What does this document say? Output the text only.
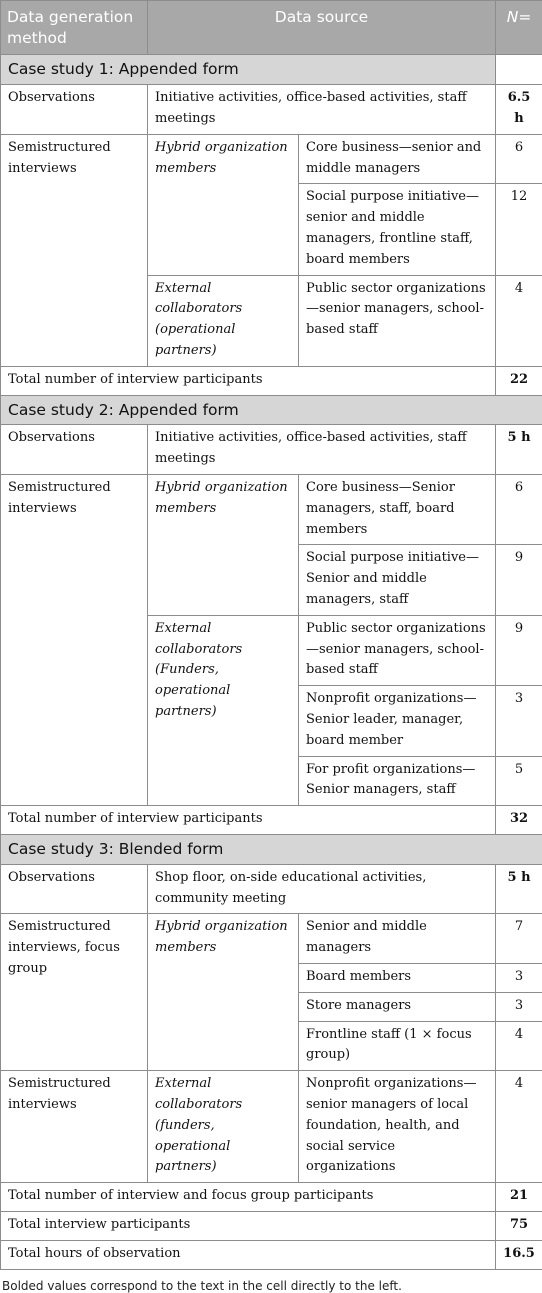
Data generation method	Data source		N=
Case study 1: Appended form			
Observations	Initiative activities, office-based activities, staff meetings		6.5 h
Semistructured interviews	Hybrid organization members	Core business—senior and middle managers	6
		Social purpose initiative—senior and middle managers, frontline staff, board members	12
	External collaborators (operational partners)	Public sector organizations—senior managers, school-based staff	4
Total number of interview participants			22
Case study 2: Appended form			
Observations	Initiative activities, office-based activities, staff meetings		5 h
Semistructured interviews	Hybrid organization members	Core business—Senior managers, staff, board members	6
		Social purpose initiative—Senior and middle managers, staff	9
	External collaborators (Funders, operational partners)	Public sector organizations—senior managers, school-based staff	9
		Nonprofit organizations—Senior leader, manager, board member	3
		For profit organizations—Senior managers, staff	5
Total number of interview participants			32
Case study 3: Blended form			
Observations	Shop floor, on-side educational activities, community meeting		5 h
Semistructured interviews, focus group	Hybrid organization members	Senior and middle managers	7
		Board members	3
		Store managers	3
		Frontline staff (1 × focus group)	4
Semistructured interviews	External collaborators (funders, operational partners)	Nonprofit organizations—senior managers of local foundation, health, and social service organizations	4
Total number of interview and focus group participants			21
Total interview participants			75
Total hours of observation			16.5
Bolded values correspond to the text in the cell directly to the left.
